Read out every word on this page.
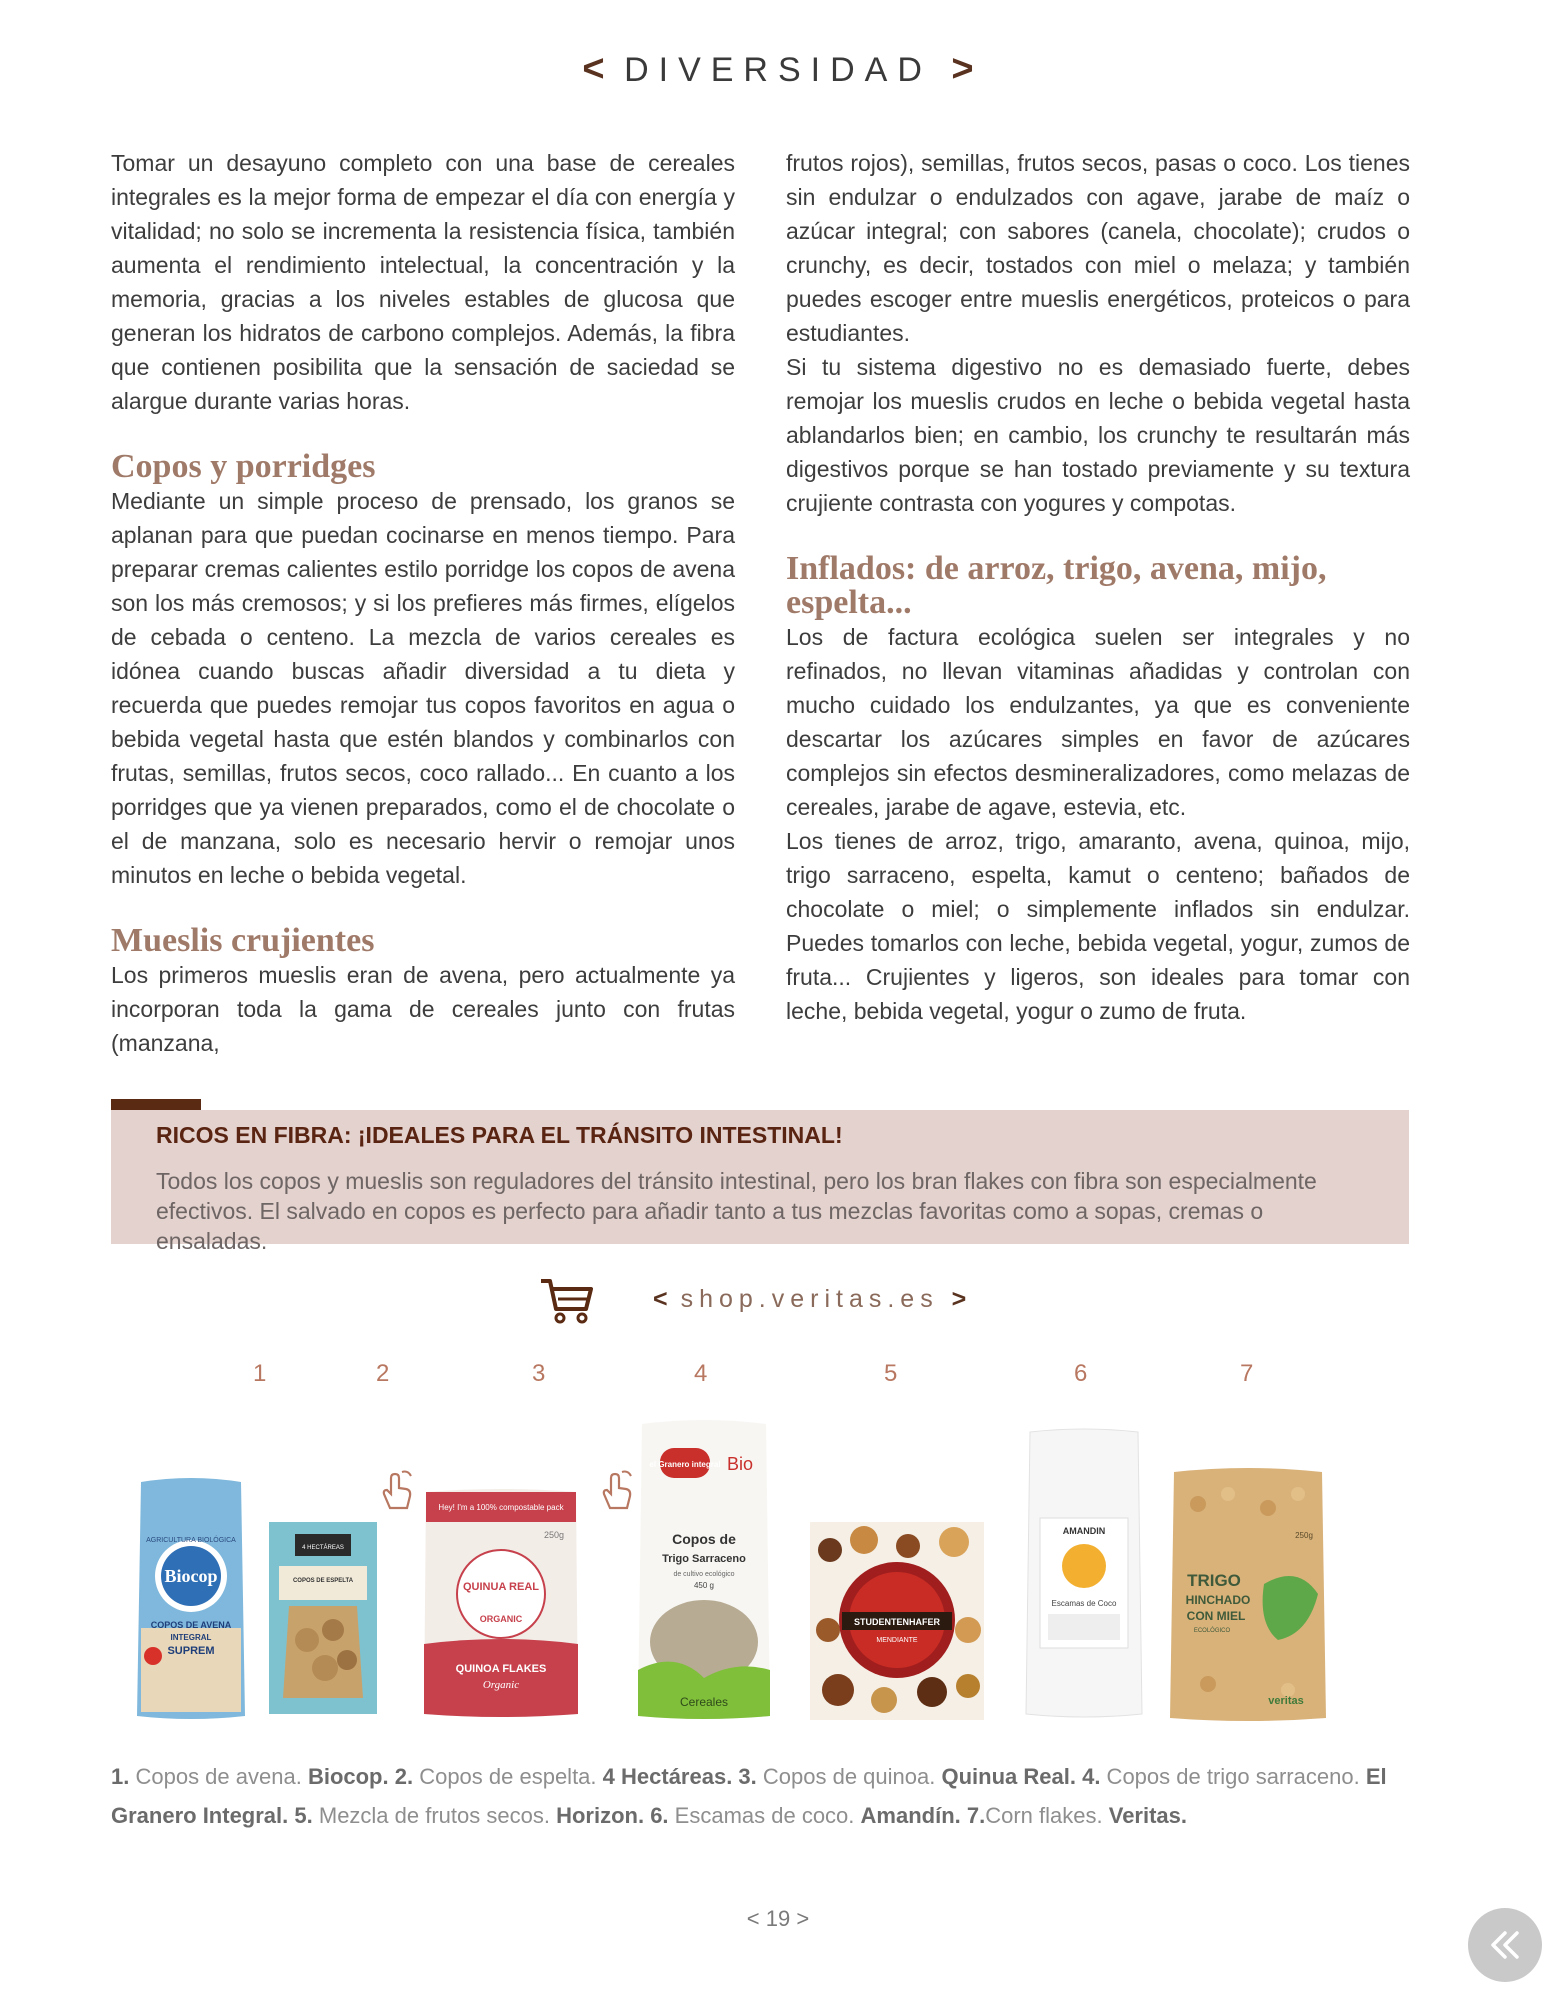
< DIVERSIDAD >

Tomar un desayuno completo con una base de cereales integrales es la mejor forma de empezar el día con energía y vitalidad; no solo se incrementa la resistencia física, también aumenta el rendimiento intelectual, la concentración y la memoria, gracias a los niveles estables de glucosa que generan los hidratos de carbono complejos. Además, la fibra que contienen posibilita que la sensación de saciedad se alargue durante varias horas.

Copos y porridges

Mediante un simple proceso de prensado, los granos se aplanan para que puedan cocinarse en menos tiempo. Para preparar cremas calientes estilo porridge los copos de avena son los más cremosos; y si los prefieres más firmes, elígelos de cebada o centeno. La mezcla de varios cereales es idónea cuando buscas añadir diversidad a tu dieta y recuerda que puedes remojar tus copos favoritos en agua o bebida vegetal hasta que estén blandos y combinarlos con frutas, semillas, frutos secos, coco rallado... En cuanto a los porridges que ya vienen preparados, como el de chocolate o el de manzana, solo es necesario hervir o remojar unos minutos en leche o bebida vegetal.

Mueslis crujientes

Los primeros mueslis eran de avena, pero actualmente ya incorporan toda la gama de cereales junto con frutas (manzana,

frutos rojos), semillas, frutos secos, pasas o coco. Los tienes sin endulzar o endulzados con agave, jarabe de maíz o azúcar integral; con sabores (canela, chocolate); crudos o crunchy, es decir, tostados con miel o melaza; y también puedes escoger entre mueslis energéticos, proteicos o para estudiantes.

Si tu sistema digestivo no es demasiado fuerte, debes remojar los mueslis crudos en leche o bebida vegetal hasta ablandarlos bien; en cambio, los crunchy te resultarán más digestivos porque se han tostado previamente y su textura crujiente contrasta con yogures y compotas.

Inflados: de arroz, trigo, avena, mijo, espelta...

Los de factura ecológica suelen ser integrales y no refinados, no llevan vitaminas añadidas y controlan con mucho cuidado los endulzantes, ya que es conveniente descartar los azúcares simples en favor de azúcares complejos sin efectos desmineralizadores, como melazas de cereales, jarabe de agave, estevia, etc.

Los tienes de arroz, trigo, amaranto, avena, quinoa, mijo, trigo sarraceno, espelta, kamut o centeno; bañados de chocolate o miel; o simplemente inflados sin endulzar. Puedes tomarlos con leche, bebida vegetal, yogur, zumos de fruta... Crujientes y ligeros, son ideales para tomar con leche, bebida vegetal, yogur o zumo de fruta.

RICOS EN FIBRA: ¡IDEALES PARA EL TRÁNSITO INTESTINAL!
Todos los copos y mueslis son reguladores del tránsito intestinal, pero los bran flakes con fibra son especialmente efectivos. El salvado en copos es perfecto para añadir tanto a tus mezclas favoritas como a sopas, cremas o ensaladas.
< shop.veritas.es >
1	2	3	4	5	6	7
Biocop
AGRICULTURA BIOLÓGICA
COPOS DE AVENA
INTEGRAL
SUPREM
4 HECTÁREAS
COPOS DE ESPELTA
Hey! I'm a 100% compostable pack
250g
QUINUA REAL
ORGANIC
QUINOA FLAKES
Organic
el Granero integral Bio
Copos de
Trigo Sarraceno
de cultivo ecológico
450 g
Cereales
STUDENTENHAFER
MENDIANTE
AMANDIN
Escamas de Coco
250g
TRIGO
HINCHADO
CON MIEL
ECOLÓGICO
veritas
1. Copos de avena. Biocop. 2. Copos de espelta. 4 Hectáreas. 3. Copos de quinoa. Quinua Real. 4. Copos de trigo sarraceno. El Granero Integral. 5. Mezcla de frutos secos. Horizon. 6. Escamas de coco. Amandín. 7.Corn flakes. Veritas.
< 19 >
